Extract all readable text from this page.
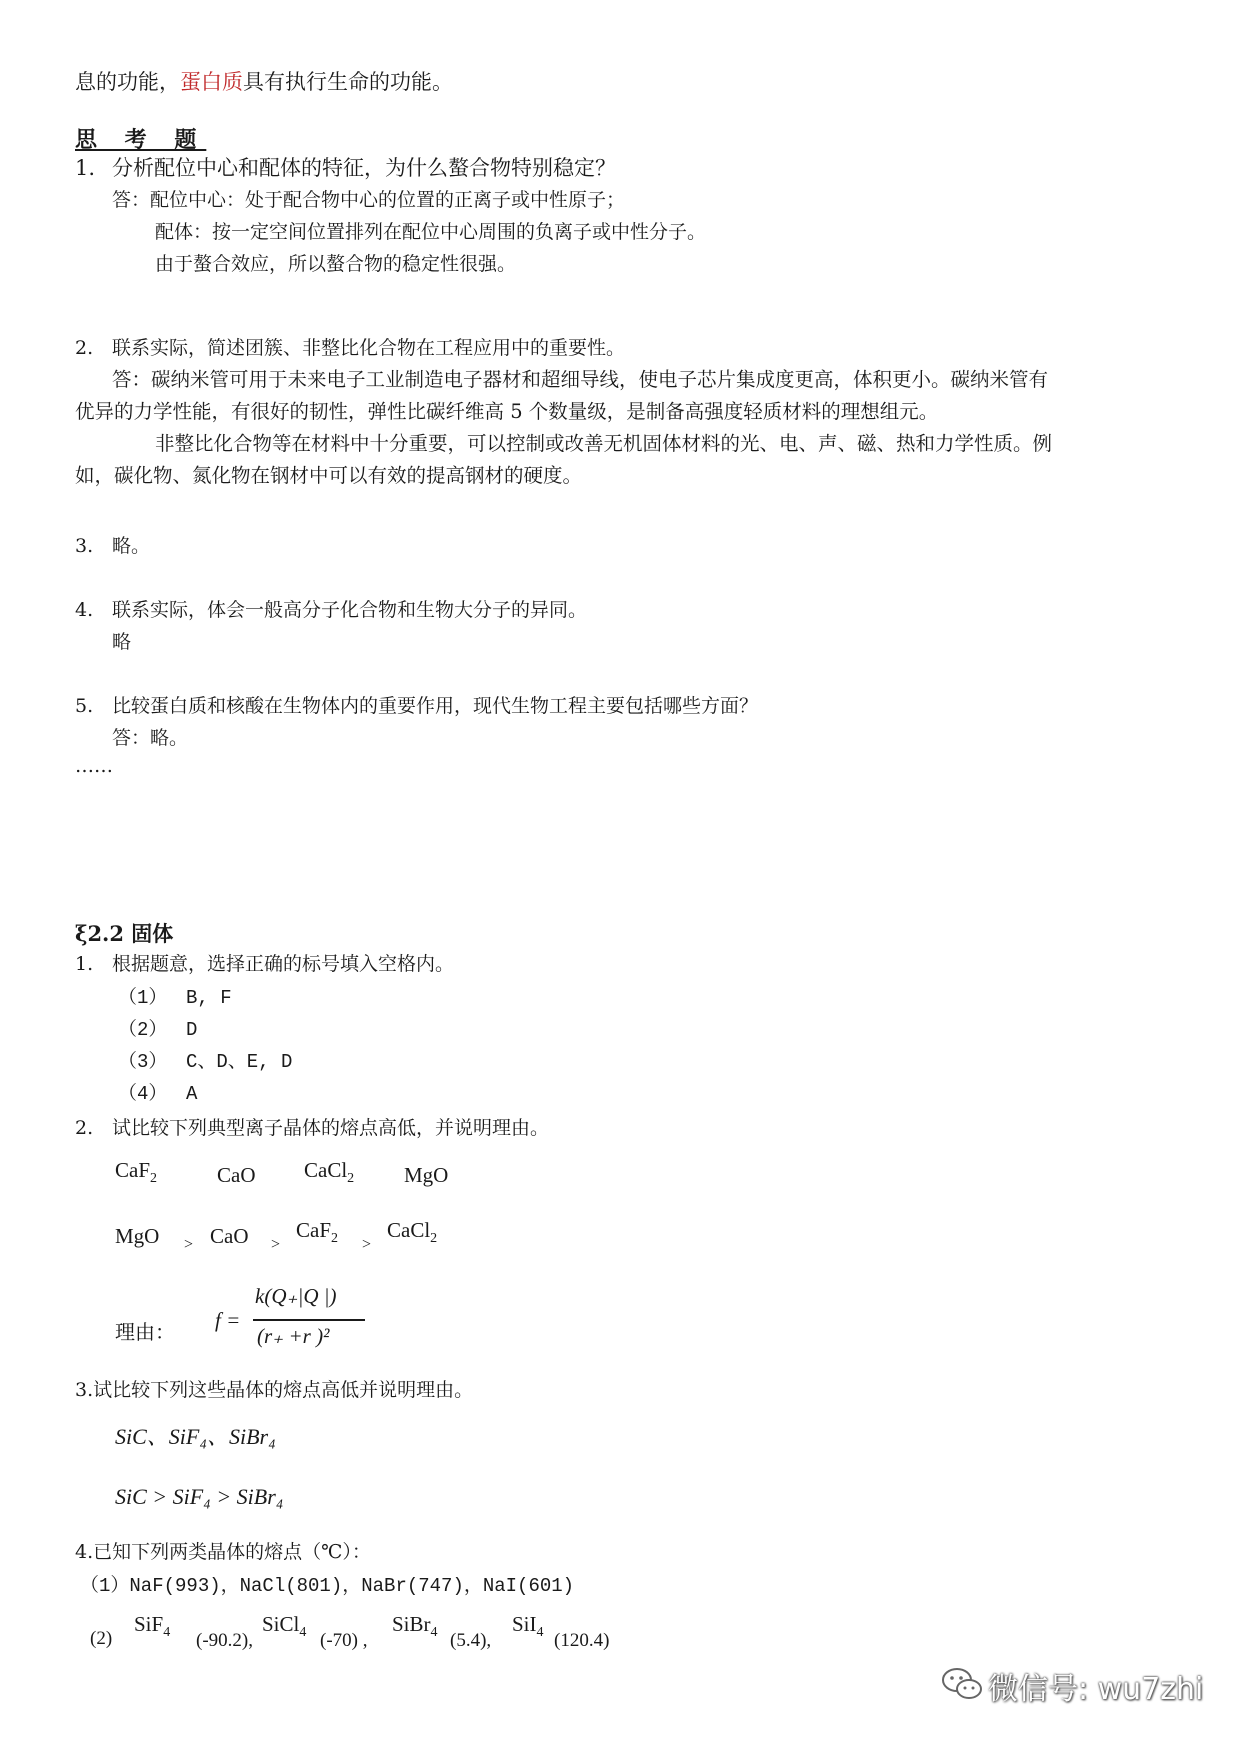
息的功能，蛋白质具有执行生命的功能。
思 考 题
1. 分析配位中心和配体的特征，为什么螯合物特别稳定？
答：配位中心：处于配合物中心的位置的正离子或中性原子；
配体：按一定空间位置排列在配位中心周围的负离子或中性分子。
由于螯合效应，所以螯合物的稳定性很强。
2. 联系实际，简述团簇、非整比化合物在工程应用中的重要性。
答：碳纳米管可用于未来电子工业制造电子器材和超细导线，使电子芯片集成度更高，体积更小。碳纳米管有
优异的力学性能，有很好的韧性，弹性比碳纤维高 5 个数量级，是制备高强度轻质材料的理想组元。
非整比化合物等在材料中十分重要，可以控制或改善无机固体材料的光、电、声、磁、热和力学性质。例
如，碳化物、氮化物在钢材中可以有效的提高钢材的硬度。
3. 略。
4. 联系实际，体会一般高分子化合物和生物大分子的异同。
略
5. 比较蛋白质和核酸在生物体内的重要作用，现代生物工程主要包括哪些方面？
答：略。
……
ξ2.2 固体
1. 根据题意，选择正确的标号填入空格内。
（1） B, F
（2） D
（3） C、D、E, D
（4） A
2. 试比较下列典型离子晶体的熔点高低，并说明理由。
CaF$_2$	CaO CaCl$_2$ MgO
MgO > CaO >
CaF$_2$ >
CaCl$_2$
理由： f =
k(Q₊|Q |)
(r₊ +r )²
3.试比较下列这些晶体的熔点高低并说明理由。
SiC、SiF₄、SiBr₄
SiC > SiF₄ > SiBr₄
4.已知下列两类晶体的熔点（℃）：
（1）NaF(993)，NaCl(801)，NaBr(747)，NaI(601)
(2)
SiF$_4$ (-90.2),
SiCl$_4$ (-70) ,
SiBr$_4$ (5.4),
SiI$_4$ (120.4)
微信号: wu7zhi
